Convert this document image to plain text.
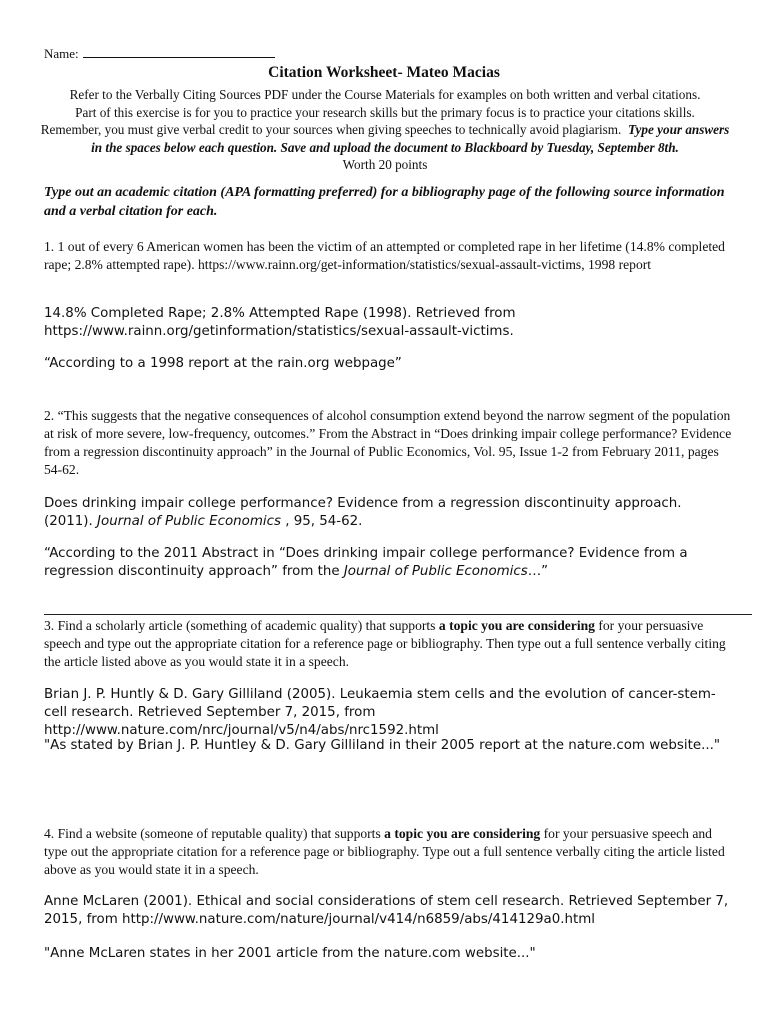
Name:
Citation Worksheet- Mateo Macias

Refer to the Verbally Citing Sources PDF under the Course Materials for examples on both written and verbal citations.

Part of this exercise is for you to practice your research skills but the primary focus is to practice your citations skills.

Remember, you must give verbal credit to your sources when giving speeches to technically avoid plagiarism. Type your answers in the spaces below each question. Save and upload the document to Blackboard by Tuesday, September 8th.

Worth 20 points

Type out an academic citation (APA formatting preferred) for a bibliography page of the following source information and a verbal citation for each.
1. 1 out of every 6 American women has been the victim of an attempted or completed rape in her lifetime (14.8% completed rape; 2.8% attempted rape). https://www.rainn.org/get-information/statistics/sexual-assault-victims, 1998 report

14.8% Completed Rape; 2.8% Attempted Rape (1998). Retrieved from

https://www.rainn.org/getinformation/statistics/sexual-assault-victims.

“According to a 1998 report at the rain.org webpage”
2. “This suggests that the negative consequences of alcohol consumption extend beyond the narrow segment of the population at risk of more severe, low-frequency, outcomes.” From the Abstract in “Does drinking impair college performance? Evidence from a regression discontinuity approach” in the Journal of Public Economics, Vol. 95, Issue 1-2 from February 2011, pages 54-62.
Does drinking impair college performance? Evidence from a regression discontinuity approach. (2011). Journal of Public Economics , 95, 54-62.
“According to the 2011 Abstract in “Does drinking impair college performance? Evidence from a regression discontinuity approach” from the Journal of Public Economics…”
3. Find a scholarly article (something of academic quality) that supports a topic you are considering for your persuasive speech and type out the appropriate citation for a reference page or bibliography. Then type out a full sentence verbally citing the article listed above as you would state it in a speech.
Brian J. P. Huntly & D. Gary Gilliland (2005). Leukaemia stem cells and the evolution of cancer-stem-cell research. Retrieved September 7, 2015, from http://www.nature.com/nrc/journal/v5/n4/abs/nrc1592.html
"As stated by Brian J. P. Huntley & D. Gary Gilliland in their 2005 report at the nature.com website..."
4. Find a website (someone of reputable quality) that supports a topic you are considering for your persuasive speech and type out the appropriate citation for a reference page or bibliography. Type out a full sentence verbally citing the article listed above as you would state it in a speech.
Anne McLaren (2001). Ethical and social considerations of stem cell research. Retrieved September 7, 2015, from http://www.nature.com/nature/journal/v414/n6859/abs/414129a0.html
"Anne McLaren states in her 2001 article from the nature.com website..."
